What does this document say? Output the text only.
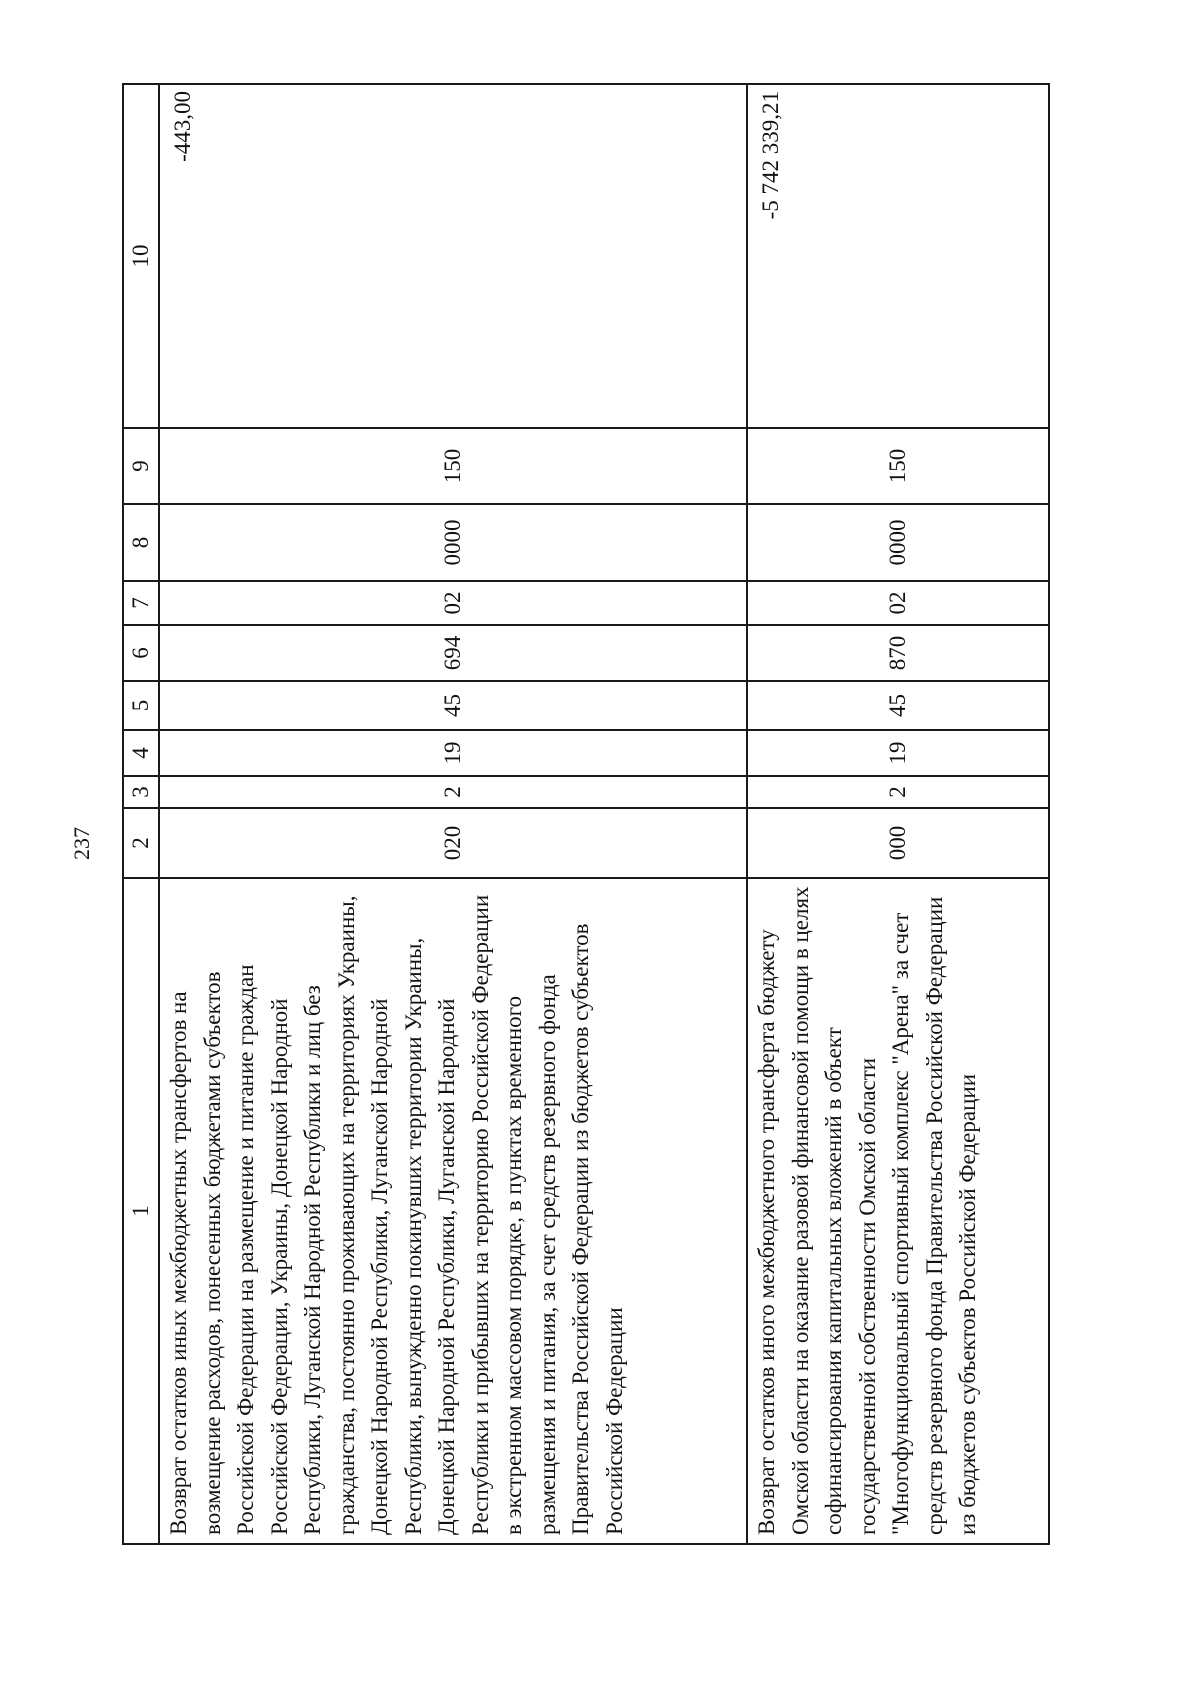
237
1	2	3	4	5	6	7	8	9	10
Возврат остатков иных межбюджетных трансфертов на возмещение расходов, понесенных бюджетами субъектов Российской Федерации на размещение и питание граждан Российской Федерации, Украины, Донецкой Народной Республики, Луганской Народной Республики и лиц без гражданства, постоянно проживающих на территориях Украины, Донецкой Народной Республики, Луганской Народной Республики, вынужденно покинувших территории Украины, Донецкой Народной Республики, Луганской Народной Республики и прибывших на территорию Российской Федерации в экстренном массовом порядке, в пунктах временного размещения и питания, за счет средств резервного фонда Правительства Российской Федерации из бюджетов субъектов Российской Федерации	020	2	19	45	694	02	0000	150	-443,00
Возврат остатков иного межбюджетного трансферта бюджету Омской области на оказание разовой финансовой помощи в целях софинансирования капитальных вложений в объект государственной собственности Омской области "Многофункциональный спортивный комплекс "Арена" за счет средств резервного фонда Правительства Российской Федерации из бюджетов субъектов Российской Федерации	000	2	19	45	870	02	0000	150	-5 742 339,21
